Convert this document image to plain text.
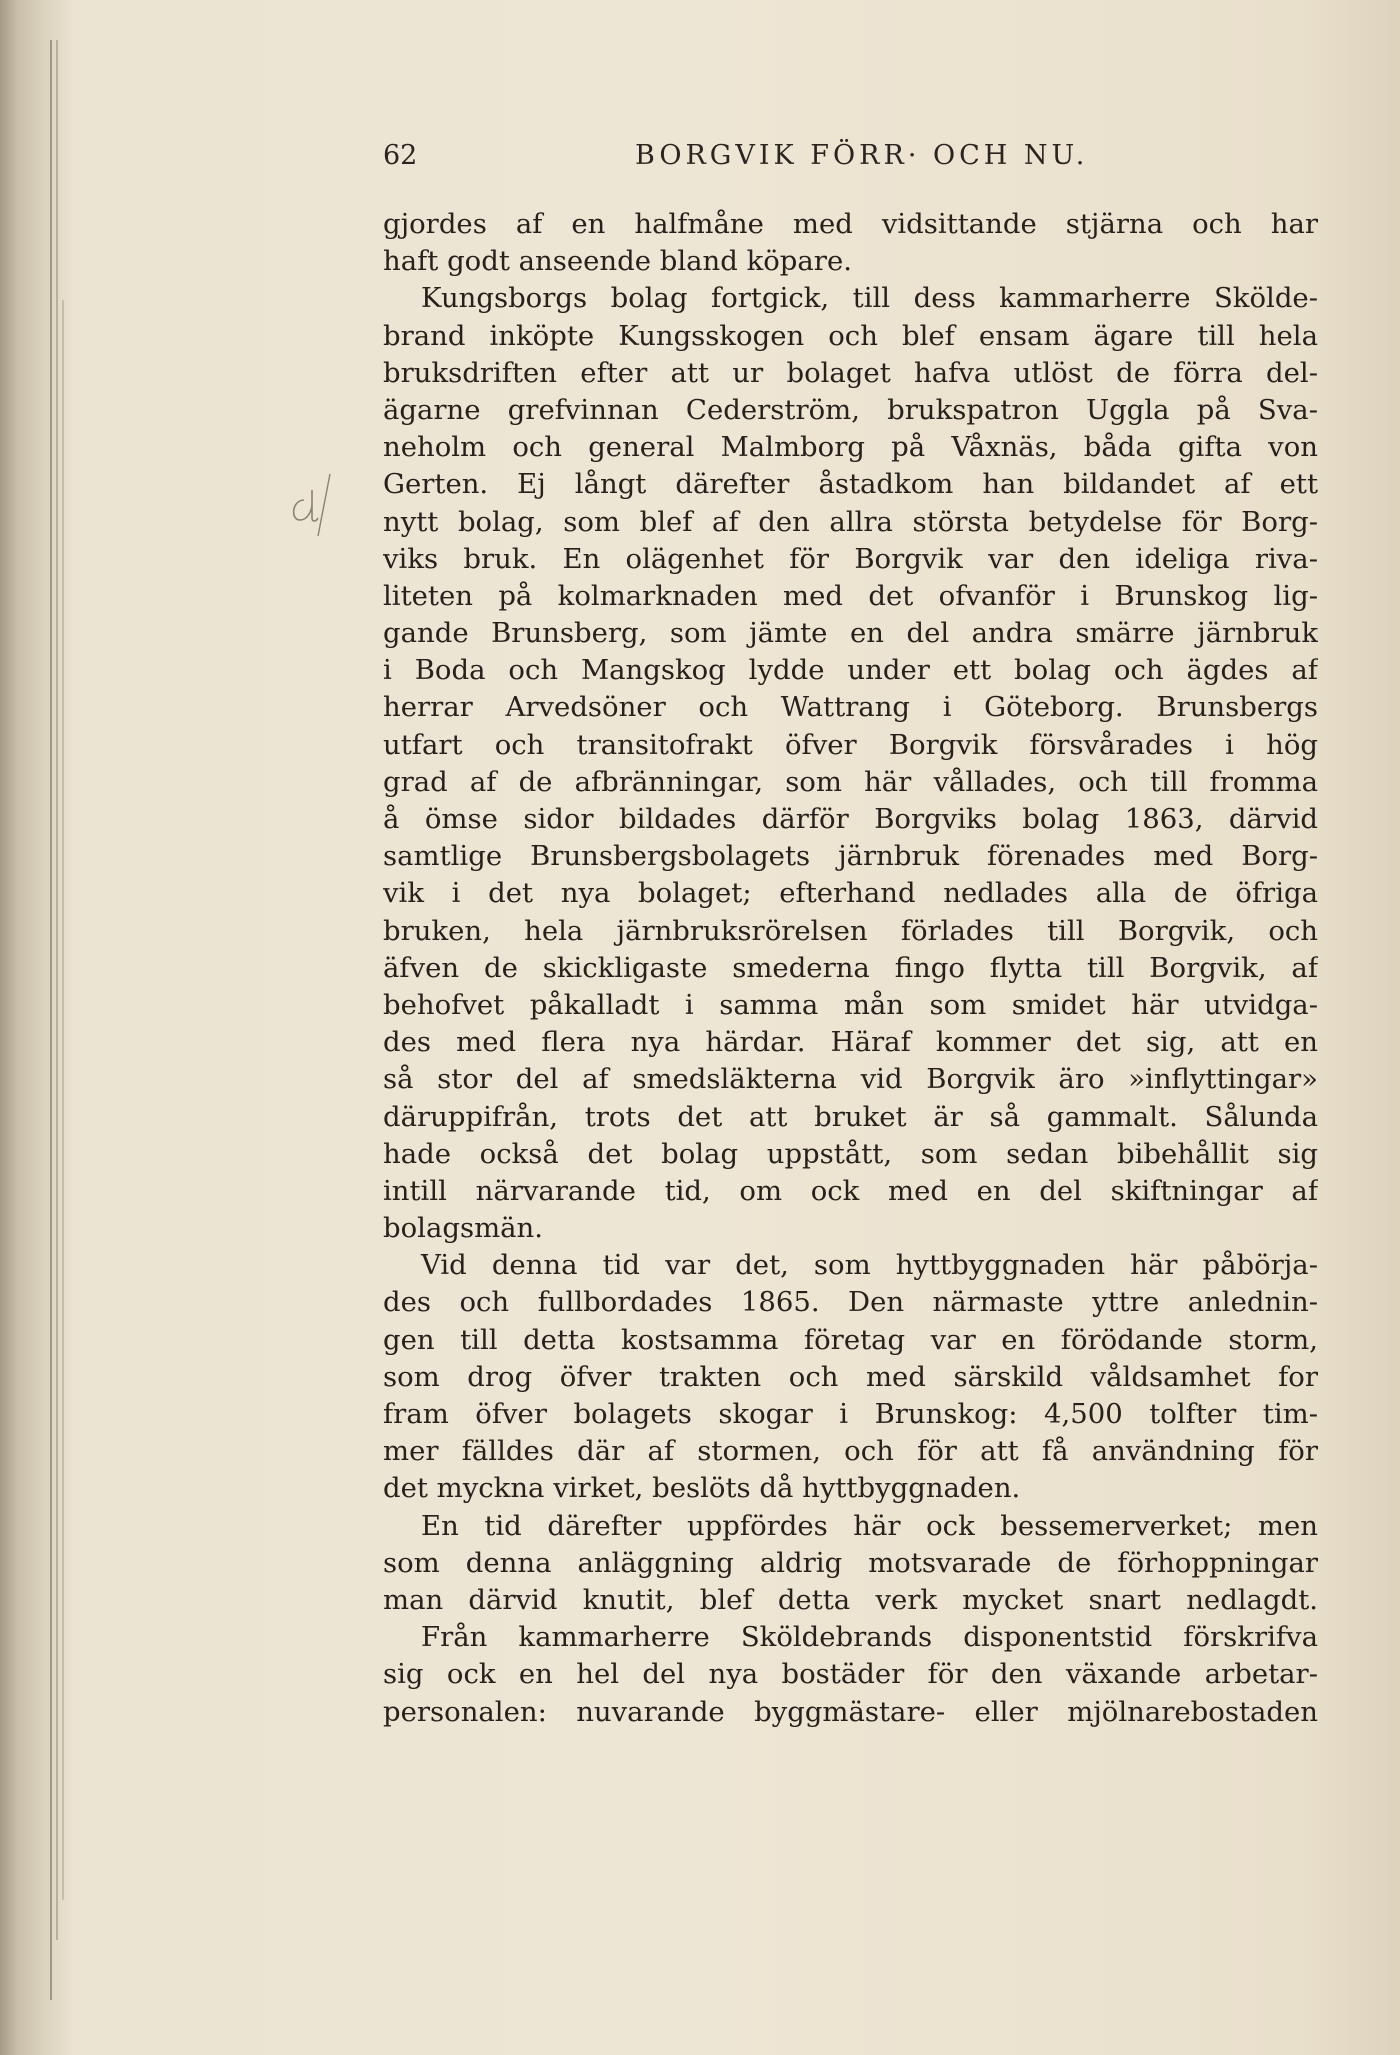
62	BORGVIK FÖRR· OCH NU.
gjordes af en halfmåne med vidsittande stjärna och har
haft godt anseende bland köpare.
Kungsborgs bolag fortgick, till dess kammarherre Skölde-
brand inköpte Kungsskogen och blef ensam ägare till hela
bruksdriften efter att ur bolaget hafva utlöst de förra del-
ägarne grefvinnan Cederström, brukspatron Uggla på Sva-
neholm och general Malmborg på Våxnäs, båda gifta von
Gerten. Ej långt därefter åstadkom han bildandet af ett
nytt bolag, som blef af den allra största betydelse för Borg-
viks bruk. En olägenhet för Borgvik var den ideliga riva-
liteten på kolmarknaden med det ofvanför i Brunskog lig-
gande Brunsberg, som jämte en del andra smärre järnbruk
i Boda och Mangskog lydde under ett bolag och ägdes af
herrar Arvedsöner och Wattrang i Göteborg. Brunsbergs
utfart och transitofrakt öfver Borgvik försvårades i hög
grad af de afbränningar, som här vållades, och till fromma
å ömse sidor bildades därför Borgviks bolag 1863, därvid
samtlige Brunsbergsbolagets järnbruk förenades med Borg-
vik i det nya bolaget; efterhand nedlades alla de öfriga
bruken, hela järnbruksrörelsen förlades till Borgvik, och
äfven de skickligaste smederna fingo flytta till Borgvik, af
behofvet påkalladt i samma mån som smidet här utvidga-
des med flera nya härdar. Häraf kommer det sig, att en
så stor del af smedsläkterna vid Borgvik äro »inflyttingar»
däruppifrån, trots det att bruket är så gammalt. Sålunda
hade också det bolag uppstått, som sedan bibehållit sig
intill närvarande tid, om ock med en del skiftningar af
bolagsmän.
Vid denna tid var det, som hyttbyggnaden här påbörja-
des och fullbordades 1865. Den närmaste yttre anlednin-
gen till detta kostsamma företag var en förödande storm,
som drog öfver trakten och med särskild våldsamhet for
fram öfver bolagets skogar i Brunskog: 4,500 tolfter tim-
mer fälldes där af stormen, och för att få användning för
det myckna virket, beslöts då hyttbyggnaden.
En tid därefter uppfördes här ock bessemerverket; men
som denna anläggning aldrig motsvarade de förhoppningar
man därvid knutit, blef detta verk mycket snart nedlagdt.
Från kammarherre Sköldebrands disponentstid förskrifva
sig ock en hel del nya bostäder för den växande arbetar-
personalen: nuvarande byggmästare- eller mjölnarebostaden
